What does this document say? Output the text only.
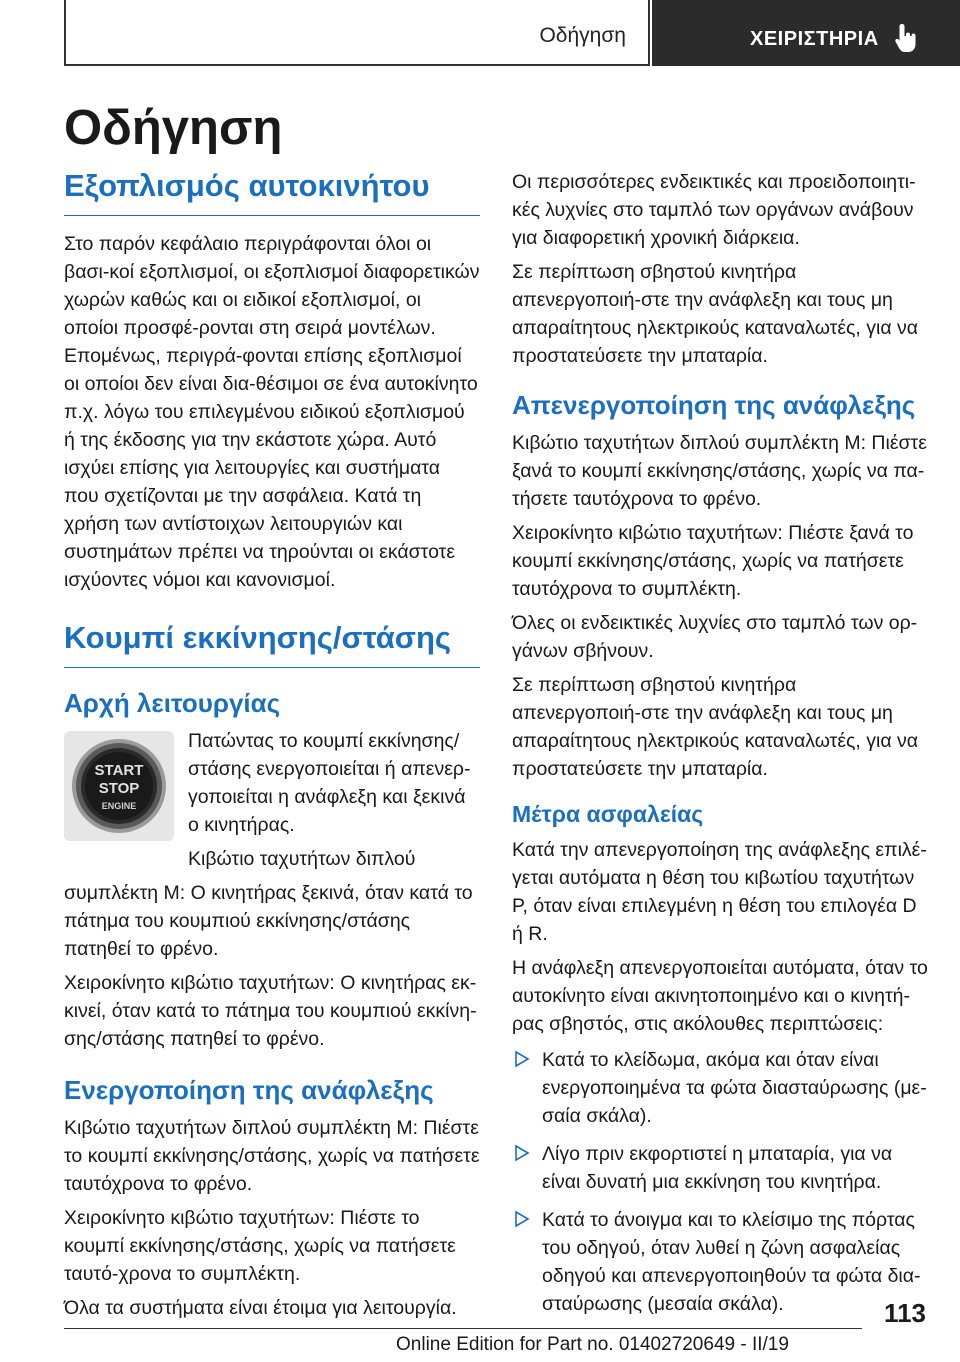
Οδήγηση	ΧΕΙΡΙΣΤΗΡΙΑ
Οδήγηση
Εξοπλισμός αυτοκινήτου

Στο παρόν κεφάλαιο περιγράφονται όλοι οι βασι-κοί εξοπλισμοί, οι εξοπλισμοί διαφορετικών χωρών καθώς και οι ειδικοί εξοπλισμοί, οι οποίοι προσφέ-ρονται στη σειρά μοντέλων. Επομένως, περιγρά-φονται επίσης εξοπλισμοί οι οποίοι δεν είναι δια-θέσιμοι σε ένα αυτοκίνητο π.χ. λόγω του επιλεγμένου ειδικού εξοπλισμού ή της έκδοσης για την εκάστοτε χώρα. Αυτό ισχύει επίσης για λειτουργίες και συστήματα που σχετίζονται με την ασφάλεια. Κατά τη χρήση των αντίστοιχων λειτουργιών και συστημάτων πρέπει να τηρούνται οι εκάστοτε ισχύοντες νόμοι και κανονισμοί.

Κουμπί εκκίνησης/στάσης
Αρχή λειτουργίας
START
STOP
ENGINE

Πατώντας το κουμπί εκκίνησης/στάσης ενεργοποιείται ή απενερ-γοποιείται η ανάφλεξη και ξεκινά ο κινητήρας.

Κιβώτιο ταχυτήτων διπλού

συμπλέκτη M: Ο κινητήρας ξεκινά, όταν κατά το πάτημα του κουμπιού εκκίνησης/στάσης πατηθεί το φρένο.

Χειροκίνητο κιβώτιο ταχυτήτων: Ο κινητήρας εκ-κινεί, όταν κατά το πάτημα του κουμπιού εκκίνη-σης/στάσης πατηθεί το φρένο.

Ενεργοποίηση της ανάφλεξης

Κιβώτιο ταχυτήτων διπλού συμπλέκτη M: Πιέστε το κουμπί εκκίνησης/στάσης, χωρίς να πατήσετε ταυτόχρονα το φρένο.

Χειροκίνητο κιβώτιο ταχυτήτων: Πιέστε το κουμπί εκκίνησης/στάσης, χωρίς να πατήσετε ταυτό-χρονα το συμπλέκτη.

Όλα τα συστήματα είναι έτοιμα για λειτουργία.

Οι περισσότερες ενδεικτικές και προειδοποιητι-κές λυχνίες στο ταμπλό των οργάνων ανάβουν για διαφορετική χρονική διάρκεια.

Σε περίπτωση σβηστού κινητήρα απενεργοποιή-στε την ανάφλεξη και τους μη απαραίτητους ηλεκτρικούς καταναλωτές, για να προστατεύσετε την μπαταρία.

Απενεργοποίηση της ανάφλεξης

Κιβώτιο ταχυτήτων διπλού συμπλέκτη M: Πιέστε ξανά το κουμπί εκκίνησης/στάσης, χωρίς να πα-τήσετε ταυτόχρονα το φρένο.

Χειροκίνητο κιβώτιο ταχυτήτων: Πιέστε ξανά το κουμπί εκκίνησης/στάσης, χωρίς να πατήσετε ταυτόχρονα το συμπλέκτη.

Όλες οι ενδεικτικές λυχνίες στο ταμπλό των ορ-γάνων σβήνουν.

Σε περίπτωση σβηστού κινητήρα απενεργοποιή-στε την ανάφλεξη και τους μη απαραίτητους ηλεκτρικούς καταναλωτές, για να προστατεύσετε την μπαταρία.

Μέτρα ασφαλείας

Κατά την απενεργοποίηση της ανάφλεξης επιλέ-γεται αυτόματα η θέση του κιβωτίου ταχυτήτων P, όταν είναι επιλεγμένη η θέση του επιλογέα D ή R.

Η ανάφλεξη απενεργοποιείται αυτόματα, όταν το αυτοκίνητο είναι ακινητοποιημένο και ο κινητή-ρας σβηστός, στις ακόλουθες περιπτώσεις:

Κατά το κλείδωμα, ακόμα και όταν είναι ενεργοποιημένα τα φώτα διασταύρωσης (με-σαία σκάλα).
Λίγο πριν εκφορτιστεί η μπαταρία, για να είναι δυνατή μια εκκίνηση του κινητήρα.
Κατά το άνοιγμα και το κλείσιμο της πόρτας του οδηγού, όταν λυθεί η ζώνη ασφαλείας οδηγού και απενεργοποιηθούν τα φώτα δια-σταύρωσης (μεσαία σκάλα).	113
Online Edition for Part no. 01402720649 - II/19
